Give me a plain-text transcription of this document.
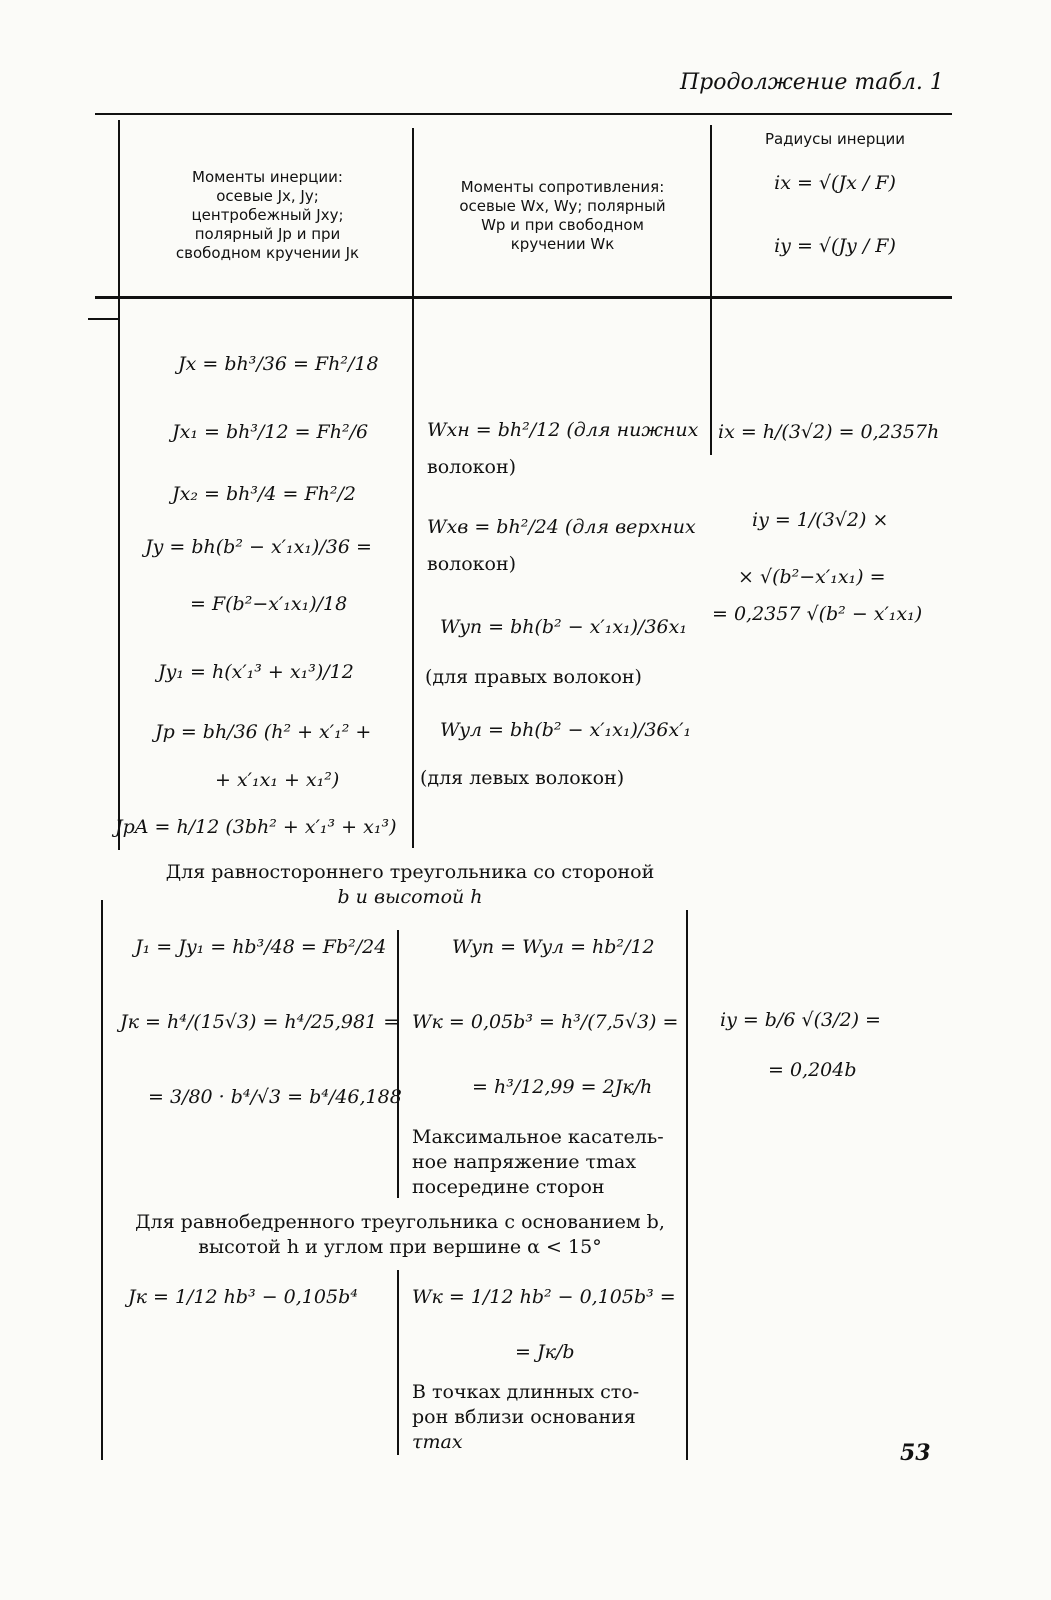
Продолжение табл. 1
Моменты инерции:
осевые Jx, Jy;
центробежный Jxy;
полярный Jp и при
свободном кручении Jк
Моменты сопротивления:
осевые Wx, Wy; полярный
Wp и при свободном
кручении Wк
Радиусы инерции
ix = √(Jx / F)
iy = √(Jy / F)
Jx = bh³/36 = Fh²/18
Jx₁ = bh³/12 = Fh²/6
Jx₂ = bh³/4 = Fh²/2
Jy = bh(b² − x′₁x₁)/36 =
= F(b²−x′₁x₁)/18
Jy₁ = h(x′₁³ + x₁³)/12
Jp = bh/36 (h² + x′₁² +
+ x′₁x₁ + x₁²)
JpA = h/12 (3bh² + x′₁³ + x₁³)
Wxн = bh²/12 (для нижних
волокон)
Wxв = bh²/24 (для верхних
волокон)
Wyп = bh(b² − x′₁x₁)/36x₁
(для правых волокон)
Wyл = bh(b² − x′₁x₁)/36x′₁
(для левых волокон)
ix = h/(3√2) = 0,2357h
iy = 1/(3√2) ×
× √(b²−x′₁x₁) =
= 0,2357 √(b² − x′₁x₁)
Для равностороннего треугольника со стороной
b и высотой h
J₁ = Jy₁ = hb³/48 = Fb²/24
Jк = h⁴/(15√3) = h⁴/25,981 =
= 3/80 · b⁴/√3 = b⁴/46,188
Wyп = Wyл = hb²/12
Wк = 0,05b³ = h³/(7,5√3) =
= h³/12,99 = 2Jк/h
Максимальное касатель-
ное напряжение τmax
посередине сторон
iy = b/6 √(3/2) =
= 0,204b
Для равнобедренного треугольника с основанием b,
высотой h и углом при вершине α < 15°
Jк = 1/12 hb³ − 0,105b⁴	Wк = 1/12 hb² − 0,105b³ =
= Jк/b
В точках длинных сто-
рон вблизи основания
τmax	53
